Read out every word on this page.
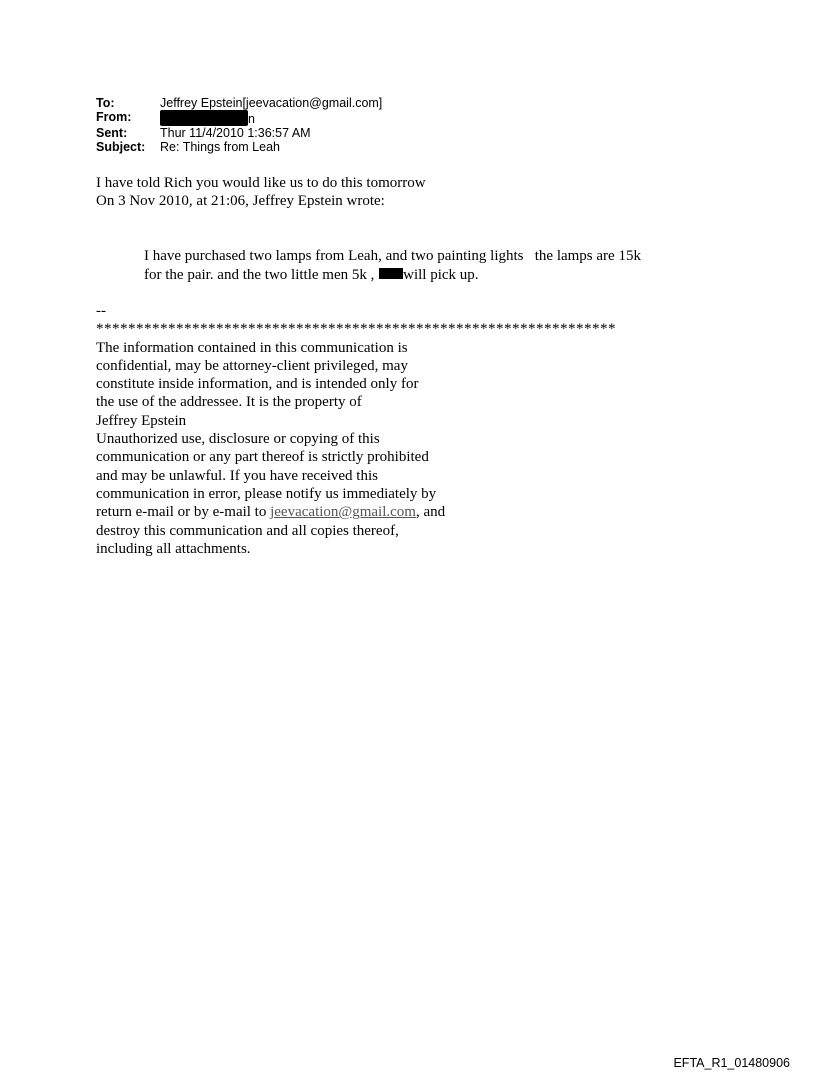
To:	Jeffrey Epstein[jeevacation@gmail.com]
From:	n
Sent:	Thur 11/4/2010 1:36:57 AM
Subject:	Re: Things from Leah
I have told Rich you would like us to do this tomorrow
On 3 Nov 2010, at 21:06, Jeffrey Epstein wrote:
I have purchased two lamps from Leah, and two painting lights   the lamps are 15k
for the pair. and the two little men 5k , will pick up.
--
*****************************************************************
The information contained in this communication is
confidential, may be attorney-client privileged, may
constitute inside information, and is intended only for
the use of the addressee. It is the property of
Jeffrey Epstein
Unauthorized use, disclosure or copying of this
communication or any part thereof is strictly prohibited
and may be unlawful. If you have received this
communication in error, please notify us immediately by
return e-mail or by e-mail to jeevacation@gmail.com, and
destroy this communication and all copies thereof,
including all attachments.
EFTA_R1_01480906
